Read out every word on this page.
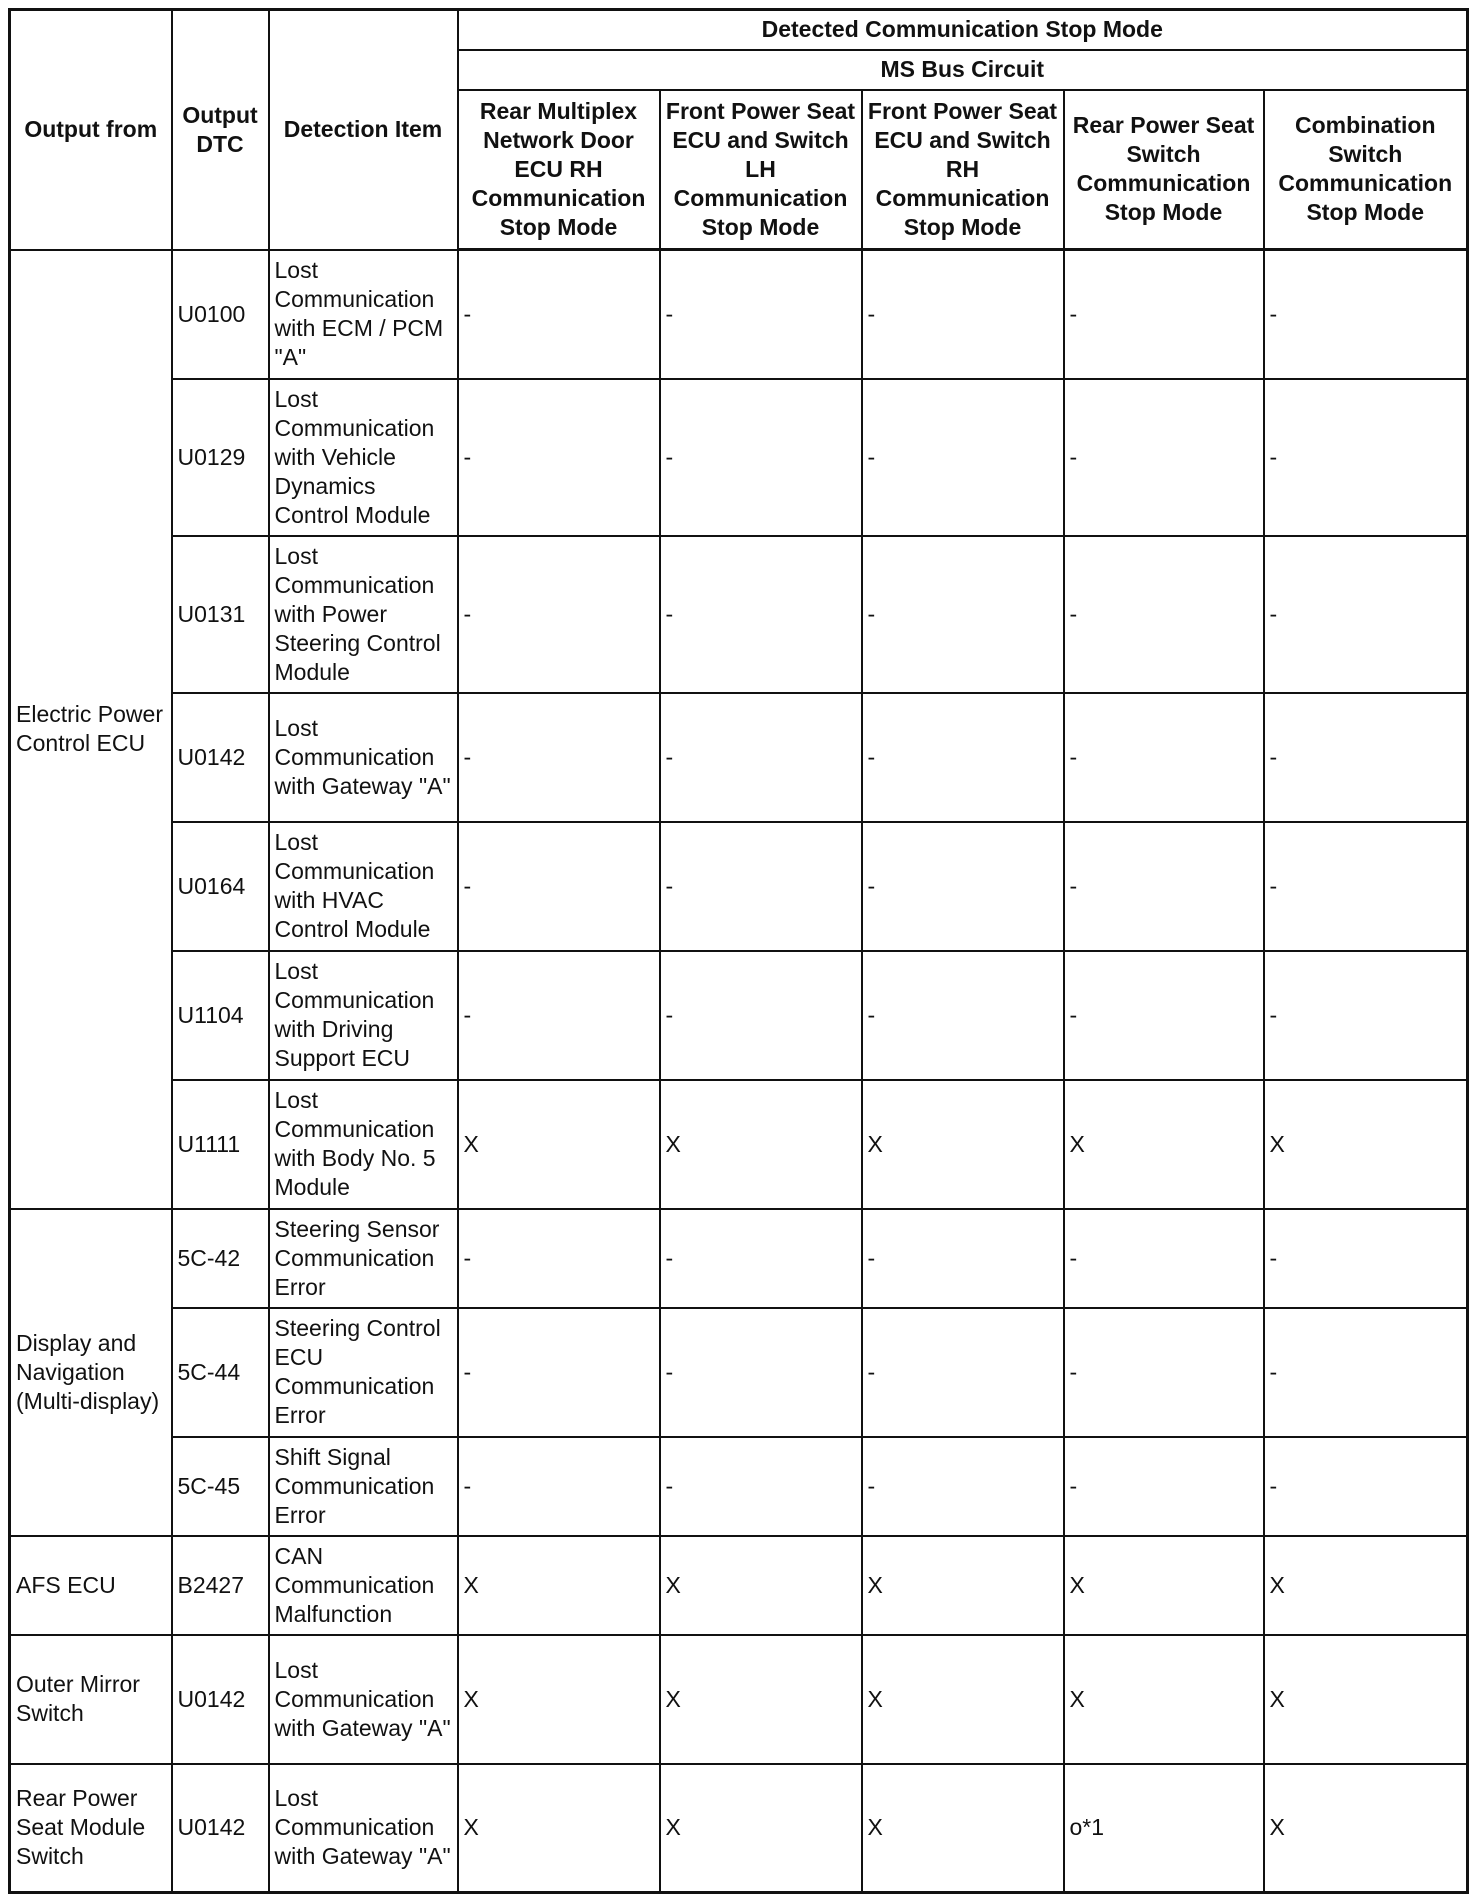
Output from	Output DTC	Detection Item	Detected Communication Stop Mode				
			MS Bus Circuit				
			Rear Multiplex Network Door ECU RH Communication Stop Mode	Front Power Seat ECU and Switch LH Communication Stop Mode	Front Power Seat ECU and Switch RH Communication Stop Mode	Rear Power Seat Switch Communication Stop Mode	Combination Switch Communication Stop Mode
Electric Power Control ECU	U0100	Lost Communication with ECM / PCM "A"	-	-	-	-	-
	U0129	Lost Communication with Vehicle Dynamics Control Module	-	-	-	-	-
	U0131	Lost Communication with Power Steering Control Module	-	-	-	-	-
	U0142	Lost Communication with Gateway "A"	-	-	-	-	-
	U0164	Lost Communication with HVAC Control Module	-	-	-	-	-
	U1104	Lost Communication with Driving Support ECU	-	-	-	-	-
	U1111	Lost Communication with Body No. 5 Module	X	X	X	X	X
Display and Navigation (Multi-display)	5C-42	Steering Sensor Communication Error	-	-	-	-	-
	5C-44	Steering Control ECU Communication Error	-	-	-	-	-
	5C-45	Shift Signal Communication Error	-	-	-	-	-
AFS ECU	B2427	CAN Communication Malfunction	X	X	X	X	X
Outer Mirror Switch	U0142	Lost Communication with Gateway "A"	X	X	X	X	X
Rear Power Seat Module Switch	U0142	Lost Communication with Gateway "A"	X	X	X	o*1	X
